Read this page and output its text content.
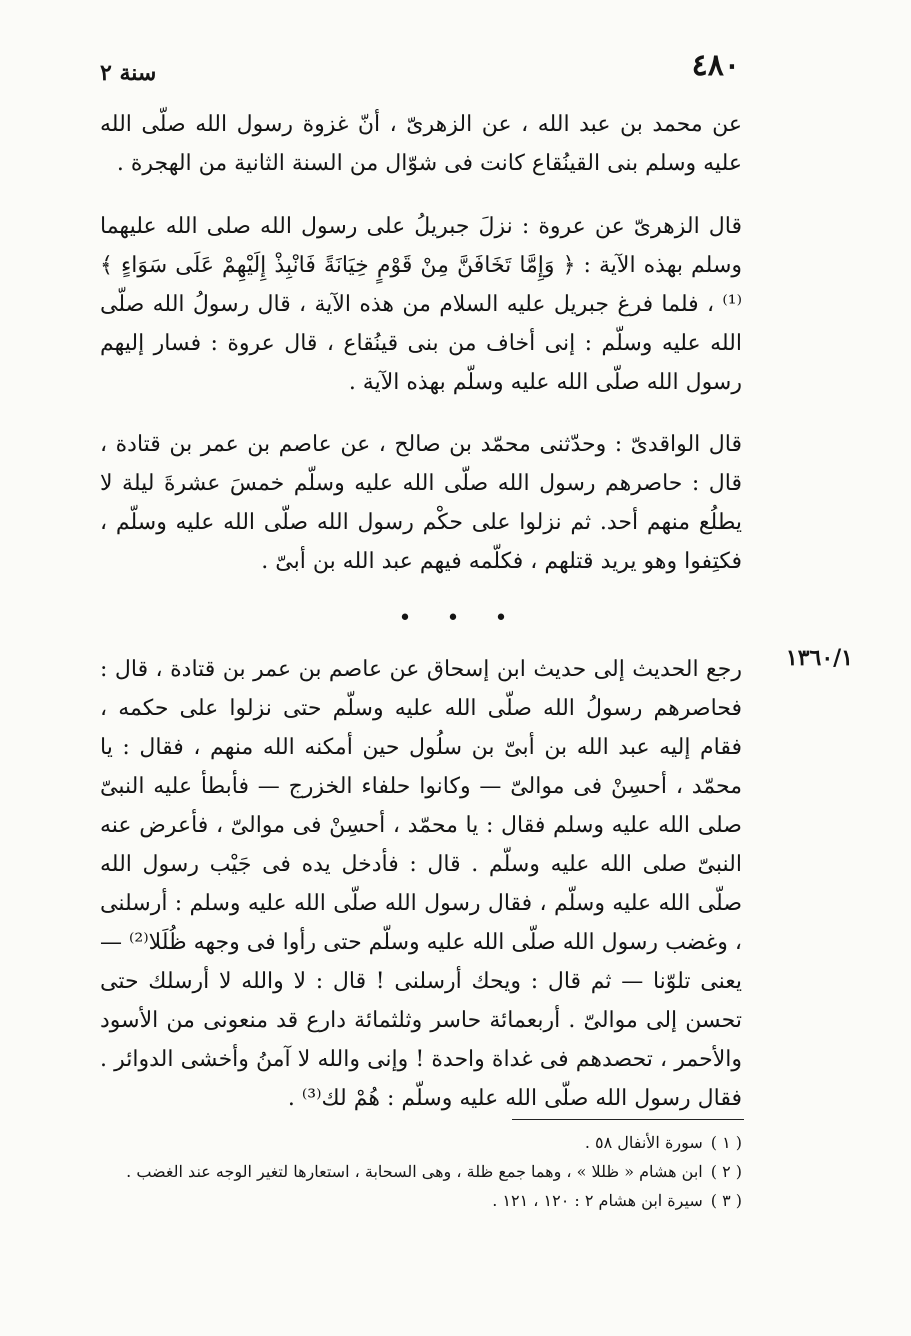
٤٨٠
سنة ٢

عن محمد بن عبد الله ، عن الزهرىّ ، أنّ غزوة رسول الله صلّى الله عليه وسلم بنى القينُقاع كانت فى شوّال من السنة الثانية من الهجرة .

قال الزهرىّ عن عروة : نزلَ جبريلُ على رسول الله صلى الله عليهما وسلم بهذه الآية : ﴿ وَإِمَّا تَخَافَنَّ مِنْ قَوْمٍ خِيَانَةً فَانْبِذْ إِلَيْهِمْ عَلَى سَوَاءٍ ﴾⁽¹⁾ ، فلما فرغ جبريل عليه السلام من هذه الآية ، قال رسولُ الله صلّى الله عليه وسلّم : إنى أخاف من بنى قينُقاع ، قال عروة : فسار إليهم رسول الله صلّى الله عليه وسلّم بهذه الآية .

قال الواقدىّ : وحدّثنى محمّد بن صالح ، عن عاصم بن عمر بن قتادة ، قال : حاصرهم رسول الله صلّى الله عليه وسلّم خمسَ عشرةَ ليلة لا يطلُع منهم أحد. ثم نزلوا على حكْم رسول الله صلّى الله عليه وسلّم ، فكتِفوا وهو يريد قتلهم ، فكلّمه فيهم عبد الله بن أبىّ .

• • •
١٣٦٠/١

رجع الحديث إلى حديث ابن إسحاق عن عاصم بن عمر بن قتادة ، قال : فحاصرهم رسولُ الله صلّى الله عليه وسلّم حتى نزلوا على حكمه ، فقام إليه عبد الله بن أبىّ بن سلُول حين أمكنه الله منهم ، فقال : يا محمّد ، أحسِنْ فى موالىّ — وكانوا حلفاء الخزرج — فأبطأ عليه النبىّ صلى الله عليه وسلم فقال : يا محمّد ، أحسِنْ فى موالىّ ، فأعرض عنه النبىّ صلى الله عليه وسلّم . قال : فأدخل يده فى جَيْب رسول الله صلّى الله عليه وسلّم ، فقال رسول الله صلّى الله عليه وسلم : أرسلنى ، وغضب رسول الله صلّى الله عليه وسلّم حتى رأوا فى وجهه ظُلَلا⁽²⁾ — يعنى تلوّنا — ثم قال : ويحك أرسلنى ! قال : لا والله لا أرسلك حتى تحسن إلى موالىّ . أربعمائة حاسر وثلثمائة دارع قد منعونى من الأسود والأحمر ، تحصدهم فى غداة واحدة ! وإنى والله لا آمنُ وأخشى الدوائر . فقال رسول الله صلّى الله عليه وسلّم : هُمْ لك⁽³⁾ .

( ١ )سورة الأنفال ٥٨ .

( ٢ )ابن هشام « ظللا » ، وهما جمع ظلة ، وهى السحابة ، استعارها لتغير الوجه عند الغضب .

( ٣ )سيرة ابن هشام ٢ : ١٢٠ ، ١٢١ .
